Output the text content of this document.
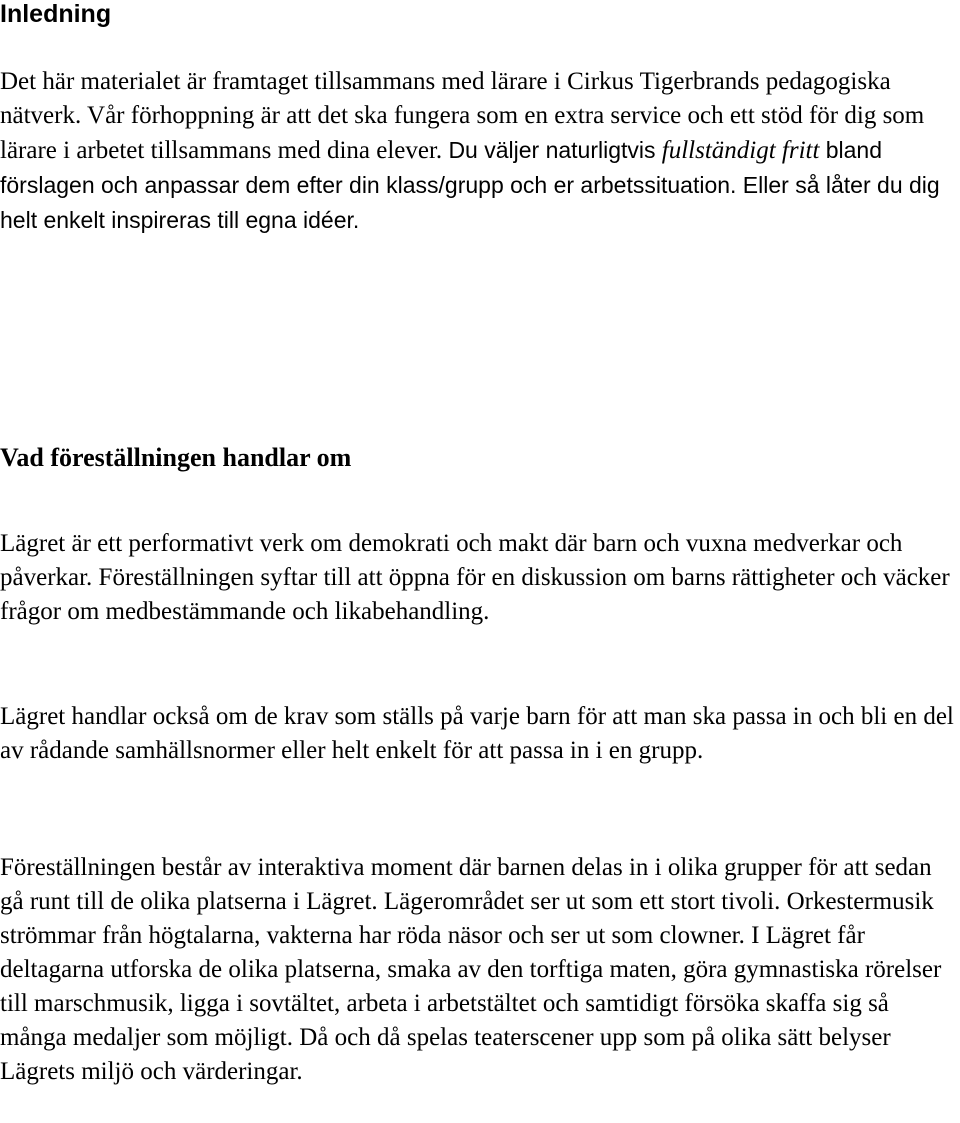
Inledning

Det här materialet är framtaget tillsammans med lärare i Cirkus Tigerbrands pedagogiska nätverk. Vår förhoppning är att det ska fungera som en extra service och ett stöd för dig som lärare i arbetet tillsammans med dina elever. Du väljer naturligtvis fullständigt fritt bland förslagen och anpassar dem efter din klass/grupp och er arbetssituation. Eller så låter du dig helt enkelt inspireras till egna idéer.

Vad föreställningen handlar om

Lägret är ett performativt verk om demokrati och makt där barn och vuxna medverkar och påverkar. Föreställningen syftar till att öppna för en diskussion om barns rättigheter och väcker frågor om medbestämmande och likabehandling.

Lägret handlar också om de krav som ställs på varje barn för att man ska passa in och bli en del av rådande samhällsnormer eller helt enkelt för att passa in i en grupp.

Föreställningen består av interaktiva moment där barnen delas in i olika grupper för att sedan gå runt till de olika platserna i Lägret. Lägerområdet ser ut som ett stort tivoli. Orkestermusik strömmar från högtalarna, vakterna har röda näsor och ser ut som clowner. I Lägret får deltagarna utforska de olika platserna, smaka av den torftiga maten, göra gymnastiska rörelser till marschmusik, ligga i sovtältet, arbeta i arbetstältet och samtidigt försöka skaffa sig så många medaljer som möjligt. Då och då spelas teaterscener upp som på olika sätt belyser Lägrets miljö och värderingar.
